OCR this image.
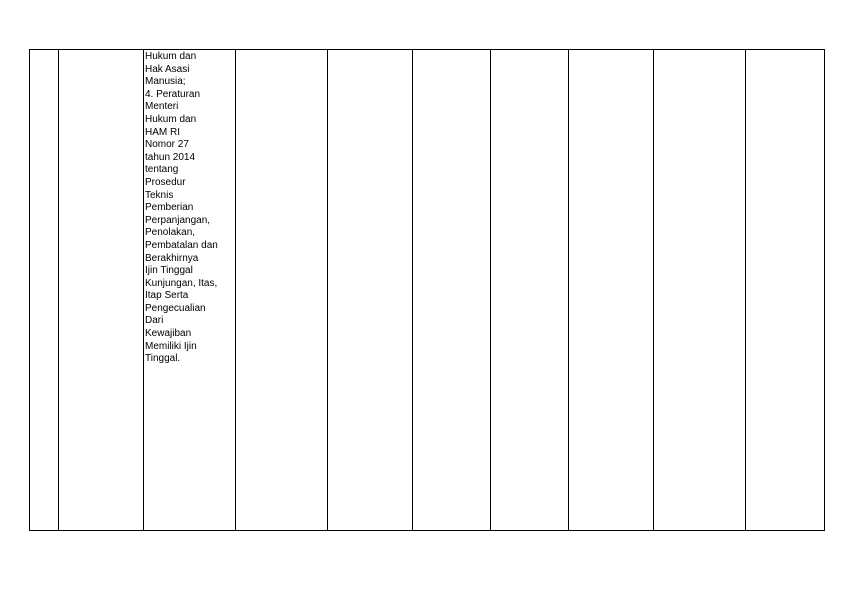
Hukum dan
Hak Asasi
Manusia;
4. Peraturan
Menteri
Hukum dan
HAM RI
Nomor 27
tahun 2014
tentang
Prosedur
Teknis
Pemberian
Perpanjangan,
Penolakan,
Pembatalan dan
Berakhirnya
Ijin Tinggal
Kunjungan, Itas,
Itap Serta
Pengecualian
Dari
Kewajiban
Memiliki Ijin
Tinggal.
